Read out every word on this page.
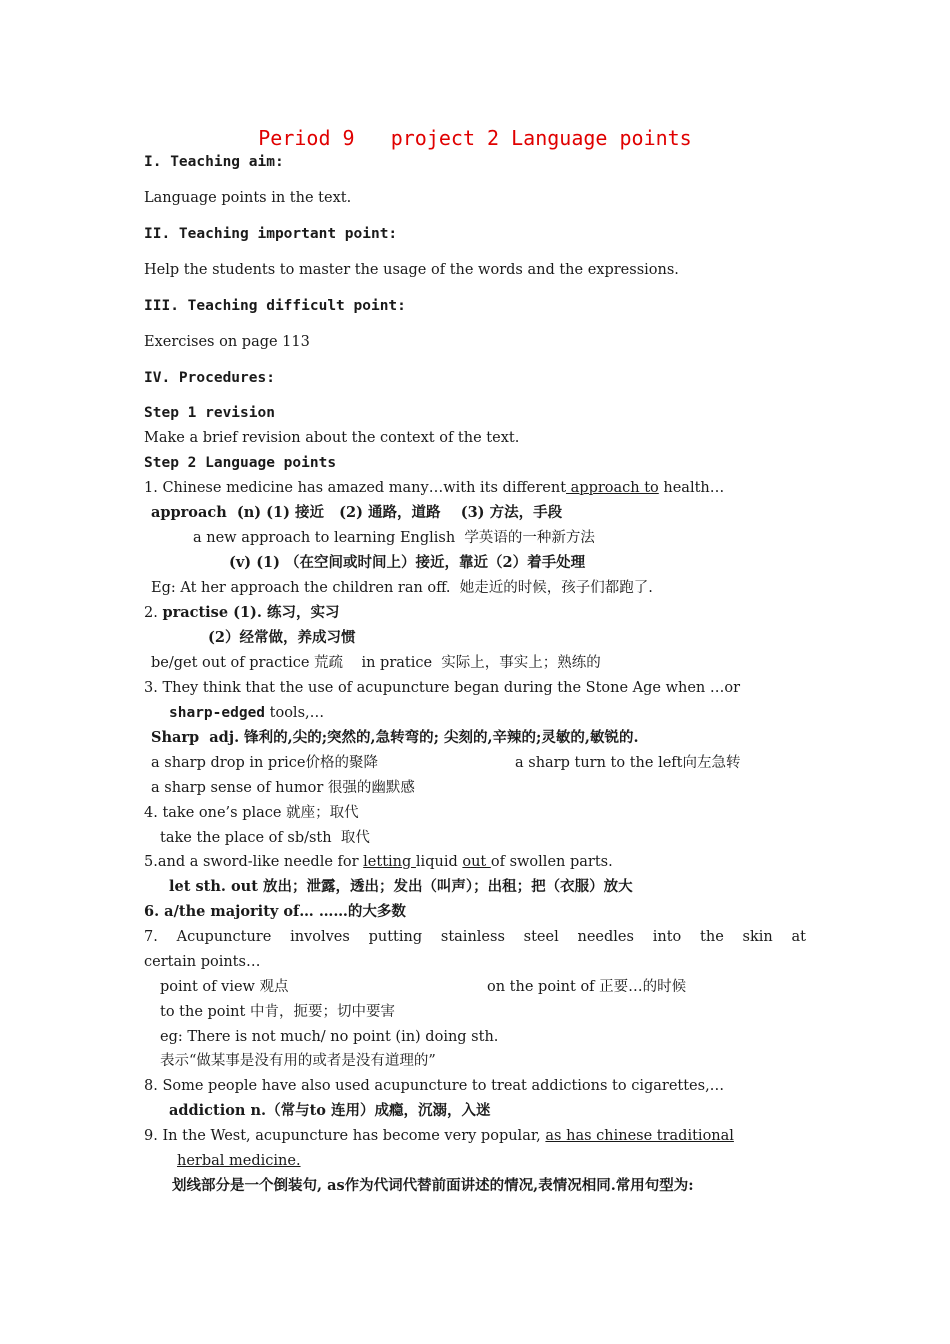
Period 9   project 2 Language points
I. Teaching aim:
Language points in the text.
II. Teaching important point:
Help the students to master the usage of the words and the expressions.
III. Teaching difficult point:
Exercises on page 113
IV. Procedures:
Step 1 revision
Make a brief revision about the context of the text.
Step 2 Language points
1. Chinese medicine has amazed many…with its different approach to health…
approach  (n) (1) 接近   (2) 通路，道路    (3) 方法，手段
a new approach to learning English  学英语的一种新方法
(v) (1) （在空间或时间上）接近，靠近（2）着手处理
Eg: At her approach the children ran off.  她走近的时候，孩子们都跑了.
2. practise (1). 练习，实习
(2）经常做，养成习惯
be/get out of practice 荒疏    in pratice  实际上，事实上；熟练的
3. They think that the use of acupuncture began during the Stone Age when …or
sharp-edged tools,…
Sharp  adj. 锋利的,尖的;突然的,急转弯的; 尖刻的,辛辣的;灵敏的,敏锐的.
a sharp drop in price价格的聚降	a sharp turn to the left向左急转
a sharp sense of humor 很强的幽默感
4. take one’s place 就座；取代
take the place of sb/sth  取代
5.and a sword-like needle for letting liquid out of swollen parts.
let sth. out 放出；泄露，透出；发出（叫声）；出租；把（衣服）放大
6. a/the majority of… ……的大多数
7. Acupuncture involves putting stainless steel needles into the skin at
certain points…
point of view 观点	on the point of 正要…的时候
to the point 中肯，扼要；切中要害
eg: There is not much/ no point (in) doing sth.
表示“做某事是没有用的或者是没有道理的”
8. Some people have also used acupuncture to treat addictions to cigarettes,…
addiction n.（常与to 连用）成瘾，沉溺，入迷
9. In the West, acupuncture has become very popular, as has chinese traditional
herbal medicine.
划线部分是一个倒装句, as作为代词代替前面讲述的情况,表情况相同.常用句型为:
